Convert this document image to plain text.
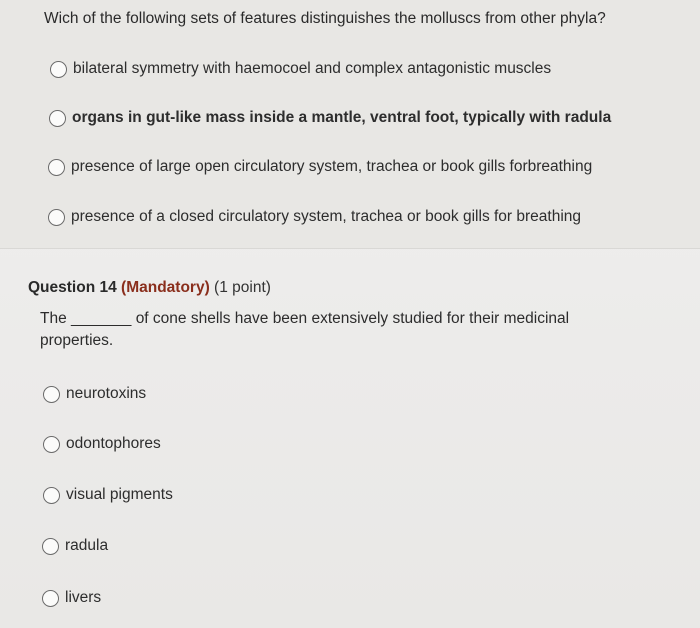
Wich of the following sets of features distinguishes the molluscs from other phyla?
bilateral symmetry with haemocoel and complex antagonistic muscles
organs in gut-like mass inside a mantle, ventral foot, typically with radula
presence of large open circulatory system, trachea or book gills forbreathing
presence of a closed circulatory system, trachea or book gills for breathing
Question 14 (Mandatory) (1 point)
The _______ of cone shells have been extensively studied for their medicinal properties.
neurotoxins
odontophores
visual pigments
radula
livers
